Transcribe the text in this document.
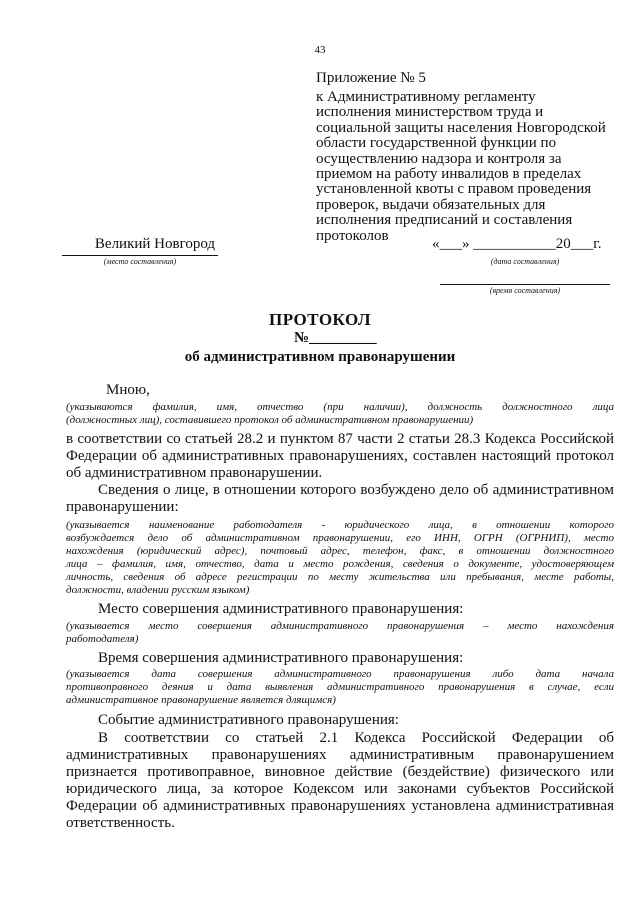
43
Приложение № 5
к Административному регламенту
исполнения министерством труда и
социальной защиты населения Новгородской
области государственной функции по
осуществлению надзора и контроля за
приемом на работу инвалидов в пределах
установленной квоты с правом проведения
проверок, выдачи обязательных для
исполнения предписаний и составления
протоколов
Великий Новгород
(место составления)
«___» ___________20___г.
(дата составления)
(время составления)
ПРОТОКОЛ
№_________
об административном правонарушении
Мною,
(указываются фамилия, имя, отчество (при наличии), должность должностного лица
(должностных лиц), составившего протокол об административном правонарушении)
в соответствии со статьей 28.2 и пунктом 87 части 2 статьи 28.3 Кодекса Российской
Федерации об административных правонарушениях, составлен настоящий протокол
об административном правонарушении.
Сведения о лице, в отношении которого возбуждено дело об административном
правонарушении:
(указывается наименование работодателя - юридического лица, в отношении которого
возбуждается дело об административном правонарушении, его ИНН, ОГРН (ОГРНИП), место
нахождения (юридический адрес), почтовый адрес, телефон, факс, в отношении должностного
лица – фамилия, имя, отчество, дата и место рождения, сведения о документе, удостоверяющем
личность, сведения об адресе регистрации по месту жительства или пребывания, месте работы,
должности, владении русским языком)
Место совершения административного правонарушения:
(указывается место совершения административного правонарушения – место нахождения
работодателя)
Время совершения административного правонарушения:
(указывается дата совершения административного правонарушения либо дата начала
противоправного деяния и дата выявления административного правонарушения в случае, если
административное правонарушение является длящимся)
Событие административного правонарушения:
В соответствии со статьей 2.1 Кодекса Российской Федерации об
административных правонарушениях административным правонарушением
признается противоправное, виновное действие (бездействие) физического или
юридического лица, за которое Кодексом или законами субъектов Российской
Федерации об административных правонарушениях установлена административная
ответственность.
